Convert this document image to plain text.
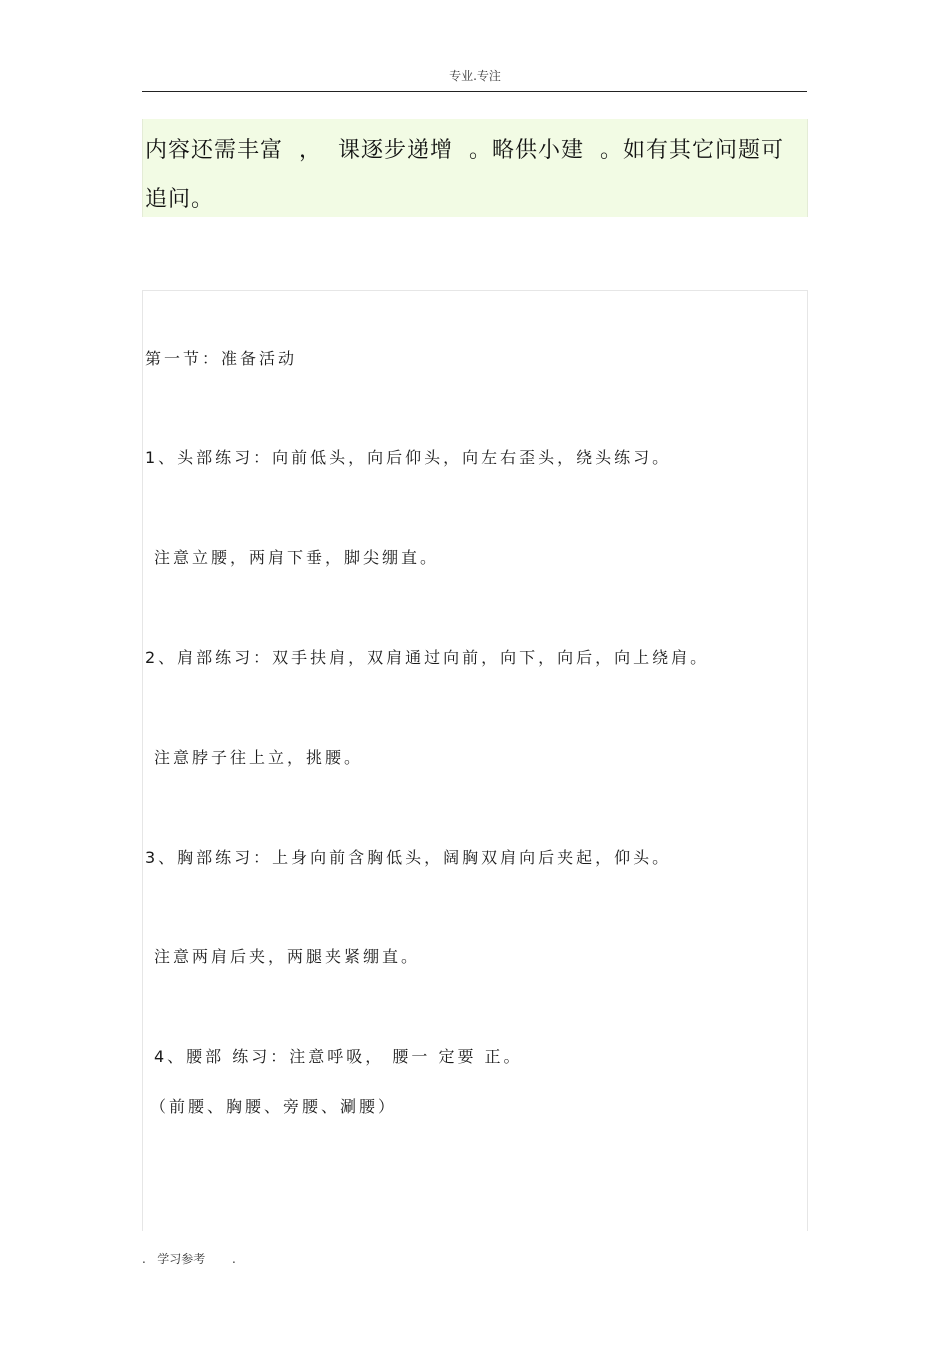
专业.专注
内容还需丰富  ，  课逐步递增  。略供小建  。如有其它问题可
追问。
第一节：准备活动
1、头部练习：向前低头，向后仰头，向左右歪头，绕头练习。
注意立腰，两肩下垂，脚尖绷直。
2、肩部练习：双手扶肩，双肩通过向前，向下，向后，向上绕肩。
注意脖子往上立，挑腰。
3、胸部练习：上身向前含胸低头，阔胸双肩向后夹起，仰头。
注意两肩后夹，两腿夹紧绷直。
4、腰部 练习：注意呼吸， 腰一 定要 正。
（前腰、胸腰、旁腰、涮腰）
.   学习参考       .
